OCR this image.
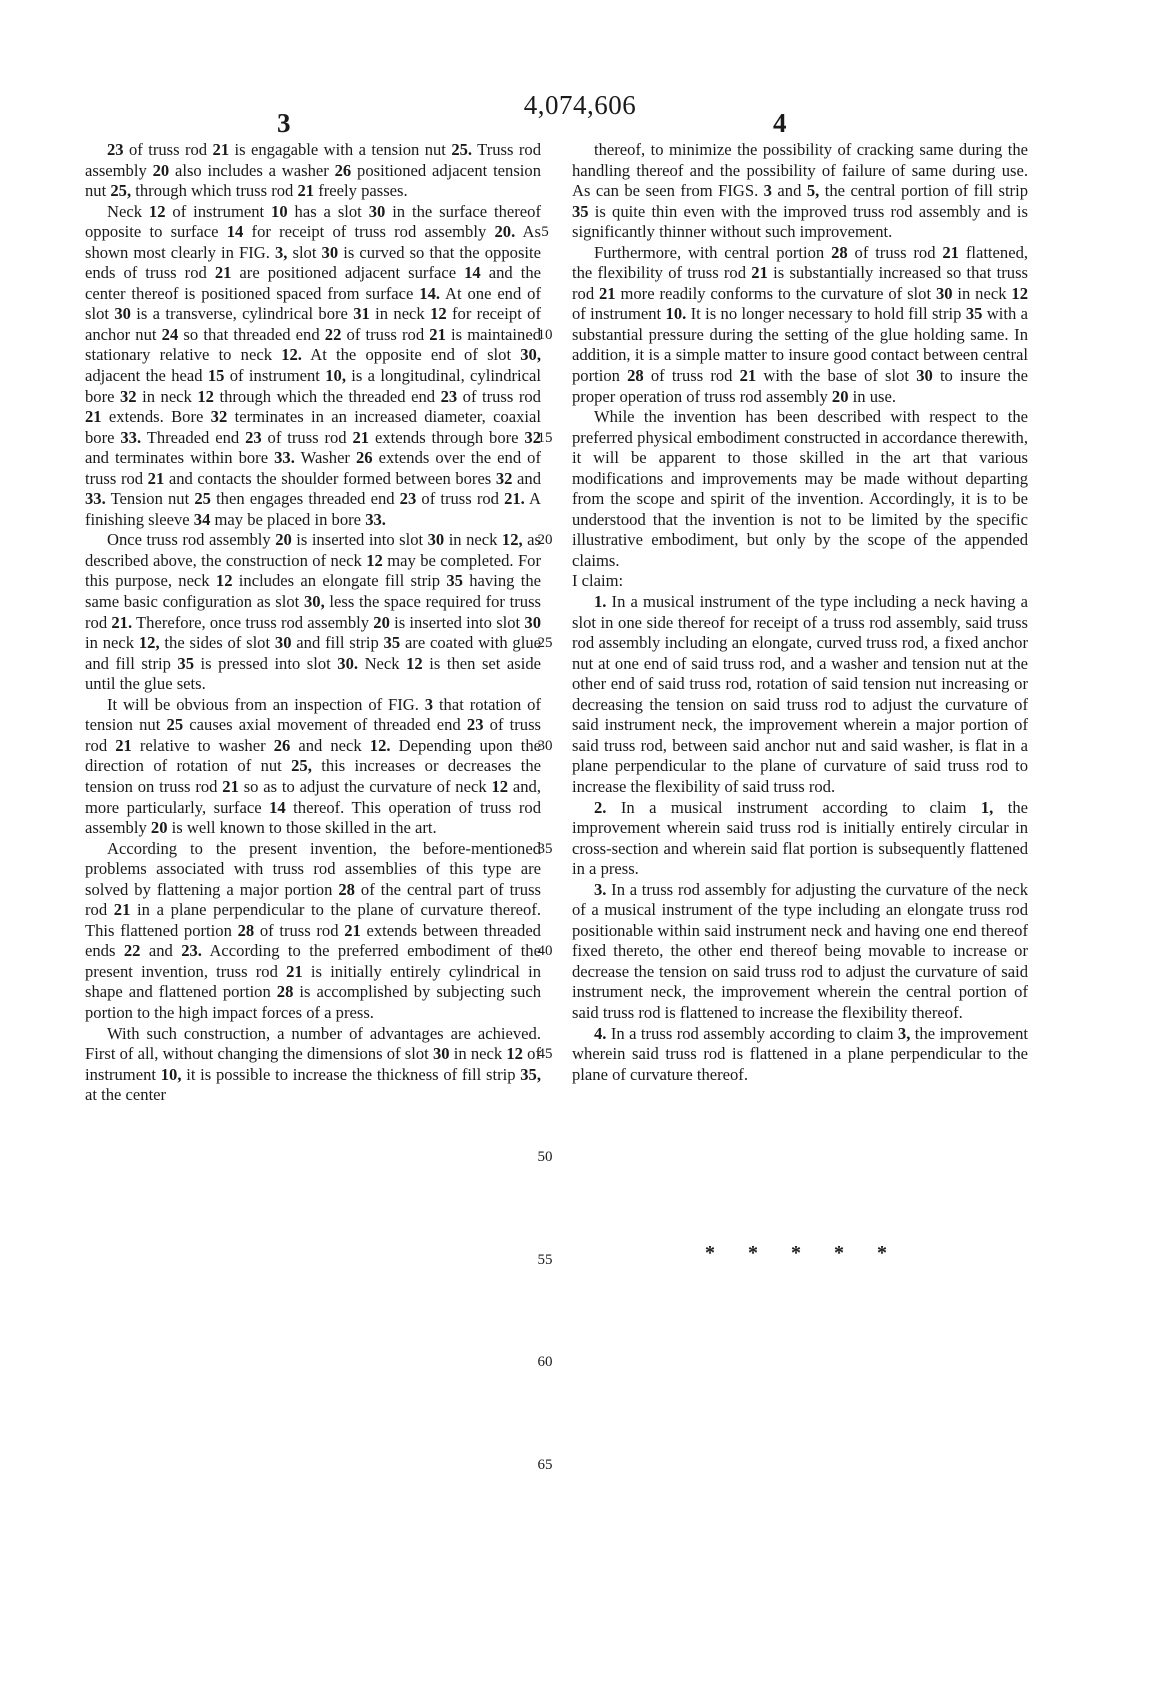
4,074,606
3	4

23 of truss rod 21 is engagable with a tension nut 25. Truss rod assembly 20 also includes a washer 26 positioned adjacent tension nut 25, through which truss rod 21 freely passes.

Neck 12 of instrument 10 has a slot 30 in the surface thereof opposite to surface 14 for receipt of truss rod assembly 20. As shown most clearly in FIG. 3, slot 30 is curved so that the opposite ends of truss rod 21 are positioned adjacent surface 14 and the center thereof is positioned spaced from surface 14. At one end of slot 30 is a transverse, cylindrical bore 31 in neck 12 for receipt of anchor nut 24 so that threaded end 22 of truss rod 21 is maintained stationary relative to neck 12. At the opposite end of slot 30, adjacent the head 15 of instrument 10, is a longitudinal, cylindrical bore 32 in neck 12 through which the threaded end 23 of truss rod 21 extends. Bore 32 terminates in an increased diameter, coaxial bore 33. Threaded end 23 of truss rod 21 extends through bore 32 and terminates within bore 33. Washer 26 extends over the end of truss rod 21 and contacts the shoulder formed between bores 32 and 33. Tension nut 25 then engages threaded end 23 of truss rod 21. A finishing sleeve 34 may be placed in bore 33.

Once truss rod assembly 20 is inserted into slot 30 in neck 12, as described above, the construction of neck 12 may be completed. For this purpose, neck 12 includes an elongate fill strip 35 having the same basic configuration as slot 30, less the space required for truss rod 21. Therefore, once truss rod assembly 20 is inserted into slot 30 in neck 12, the sides of slot 30 and fill strip 35 are coated with glue and fill strip 35 is pressed into slot 30. Neck 12 is then set aside until the glue sets.

It will be obvious from an inspection of FIG. 3 that rotation of tension nut 25 causes axial movement of threaded end 23 of truss rod 21 relative to washer 26 and neck 12. Depending upon the direction of rotation of nut 25, this increases or decreases the tension on truss rod 21 so as to adjust the curvature of neck 12 and, more particularly, surface 14 thereof. This operation of truss rod assembly 20 is well known to those skilled in the art.

According to the present invention, the before-mentioned problems associated with truss rod assemblies of this type are solved by flattening a major portion 28 of the central part of truss rod 21 in a plane perpendicular to the plane of curvature thereof. This flattened portion 28 of truss rod 21 extends between threaded ends 22 and 23. According to the preferred embodiment of the present invention, truss rod 21 is initially entirely cylindrical in shape and flattened portion 28 is accomplished by subjecting such portion to the high impact forces of a press.

With such construction, a number of advantages are achieved. First of all, without changing the dimensions of slot 30 in neck 12 of instrument 10, it is possible to increase the thickness of fill strip 35, at the center

thereof, to minimize the possibility of cracking same during the handling thereof and the possibility of failure of same during use. As can be seen from FIGS. 3 and 5, the central portion of fill strip 35 is quite thin even with the improved truss rod assembly and is significantly thinner without such improvement.

Furthermore, with central portion 28 of truss rod 21 flattened, the flexibility of truss rod 21 is substantially increased so that truss rod 21 more readily conforms to the curvature of slot 30 in neck 12 of instrument 10. It is no longer necessary to hold fill strip 35 with a substantial pressure during the setting of the glue holding same. In addition, it is a simple matter to insure good contact between central portion 28 of truss rod 21 with the base of slot 30 to insure the proper operation of truss rod assembly 20 in use.

While the invention has been described with respect to the preferred physical embodiment constructed in accordance therewith, it will be apparent to those skilled in the art that various modifications and improvements may be made without departing from the scope and spirit of the invention. Accordingly, it is to be understood that the invention is not to be limited by the specific illustrative embodiment, but only by the scope of the appended claims.

I claim:

1. In a musical instrument of the type including a neck having a slot in one side thereof for receipt of a truss rod assembly, said truss rod assembly including an elongate, curved truss rod, a fixed anchor nut at one end of said truss rod, and a washer and tension nut at the other end of said truss rod, rotation of said tension nut increasing or decreasing the tension on said truss rod to adjust the curvature of said instrument neck, the improvement wherein a major portion of said truss rod, between said anchor nut and said washer, is flat in a plane perpendicular to the plane of curvature of said truss rod to increase the flexibility of said truss rod.

2. In a musical instrument according to claim 1, the improvement wherein said truss rod is initially entirely circular in cross-section and wherein said flat portion is subsequently flattened in a press.

3. In a truss rod assembly for adjusting the curvature of the neck of a musical instrument of the type including an elongate truss rod positionable within said instrument neck and having one end thereof fixed thereto, the other end thereof being movable to increase or decrease the tension on said truss rod to adjust the curvature of said instrument neck, the improvement wherein the central portion of said truss rod is flattened to increase the flexibility thereof.

4. In a truss rod assembly according to claim 3, the improvement wherein said truss rod is flattened in a plane perpendicular to the plane of curvature thereof.

5
10
15
20
25
30
35
40
45
50
55
60
65
* * * * *
